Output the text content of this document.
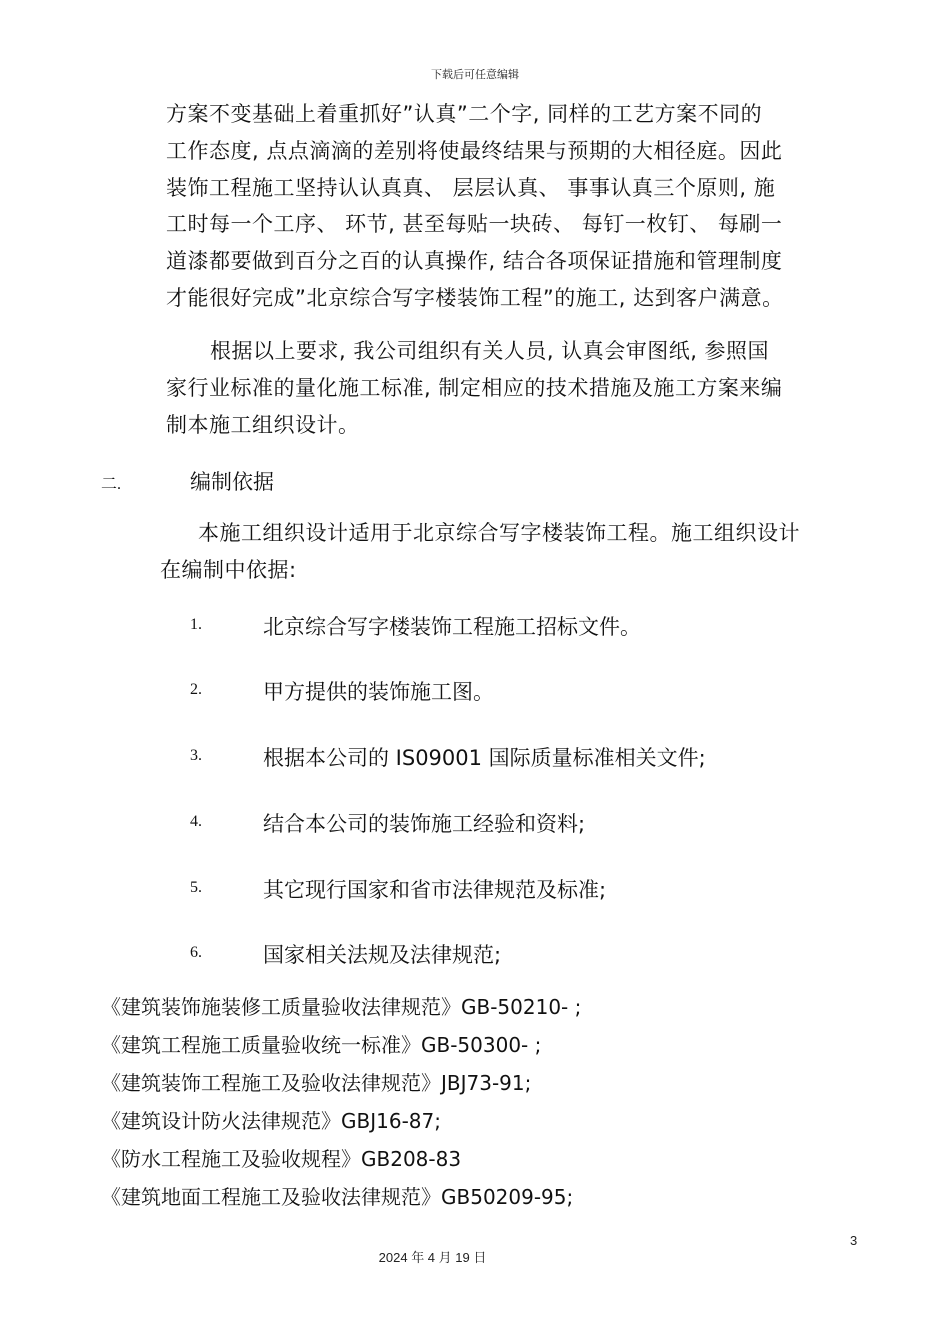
下载后可任意编辑
方案不变基础上着重抓好”认真”二个字, 同样的工艺方案不同的
工作态度, 点点滴滴的差别将使最终结果与预期的大相径庭。因此
装饰工程施工坚持认认真真、 层层认真、 事事认真三个原则, 施
工时每一个工序、 环节, 甚至每贴一块砖、 每钉一枚钉、 每刷一
道漆都要做到百分之百的认真操作, 结合各项保证措施和管理制度
才能很好完成”北京综合写字楼装饰工程”的施工, 达到客户满意。
根据以上要求, 我公司组织有关人员, 认真会审图纸, 参照国
家行业标准的量化施工标准, 制定相应的技术措施及施工方案来编
制本施工组织设计。
二.	编制依据
本施工组织设计适用于北京综合写字楼装饰工程。施工组织设计
在编制中依据:
1.	北京综合写字楼装饰工程施工招标文件。
2.	甲方提供的装饰施工图。
3.	根据本公司的 IS09001 国际质量标准相关文件;
4.	结合本公司的装饰施工经验和资料;
5.	其它现行国家和省市法律规范及标准;
6.	国家相关法规及法律规范;
《建筑装饰施装修工质量验收法律规范》GB-50210- ;
《建筑工程施工质量验收统一标准》GB-50300- ;
《建筑装饰工程施工及验收法律规范》JBJ73-91;
《建筑设计防火法律规范》GBJ16-87;
《防水工程施工及验收规程》GB208-83
《建筑地面工程施工及验收法律规范》GB50209-95;
3
2024 年 4 月 19 日
